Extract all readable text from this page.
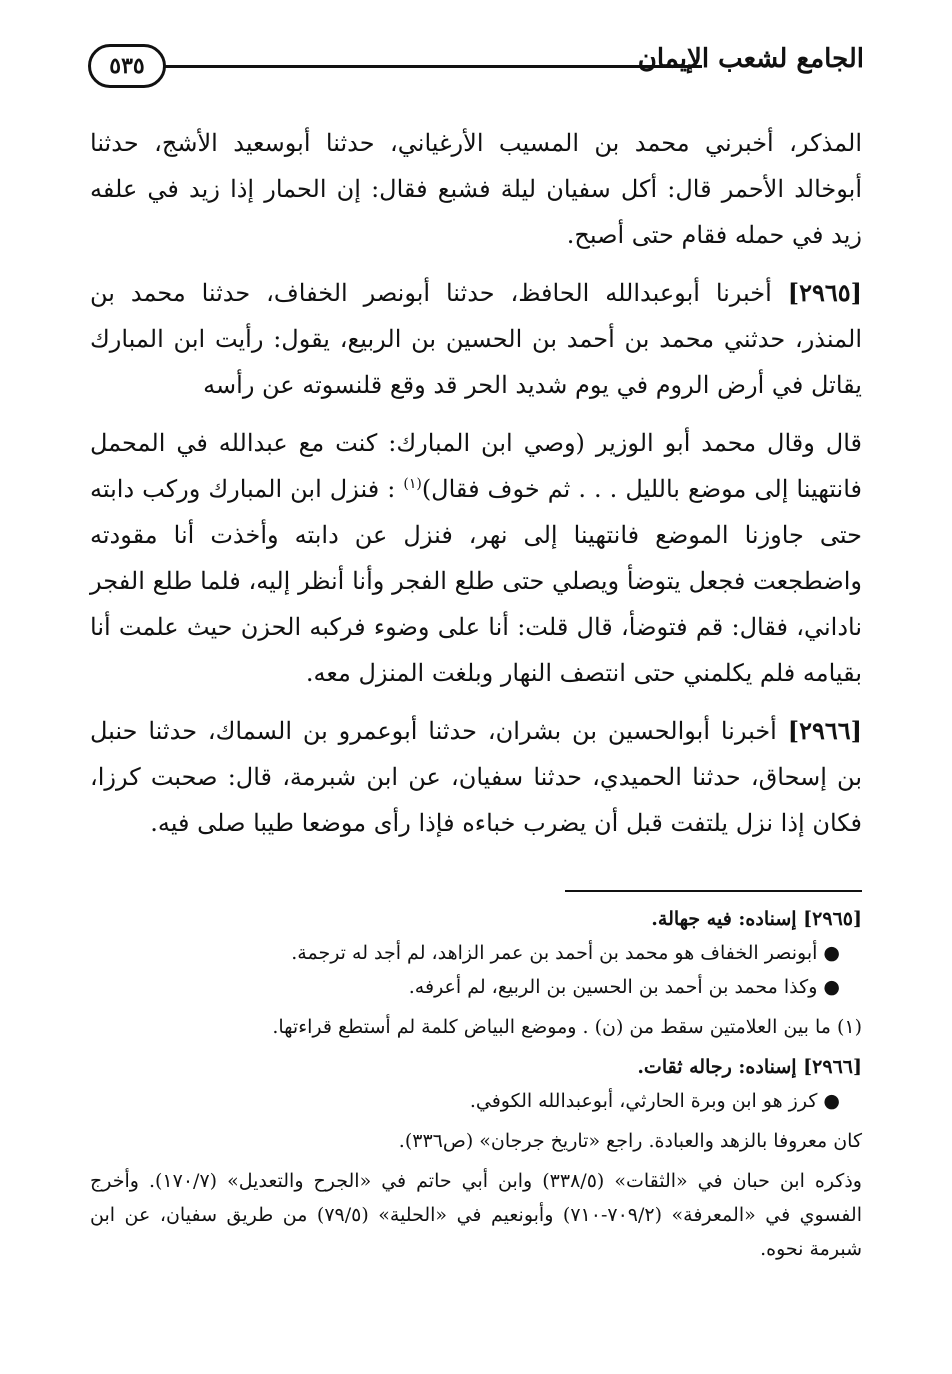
٥٣٥	الجامع لشعب الإيمان

المذكر، أخبرني محمد بن المسيب الأرغياني، حدثنا أبوسعيد الأشج، حدثنا أبوخالد الأحمر قال: أكل سفيان ليلة فشبع فقال: إن الحمار إذا زيد في علفه زيد في حمله فقام حتى أصبح.

[٢٩٦٥] أخبرنا أبوعبدالله الحافظ، حدثنا أبونصر الخفاف، حدثنا محمد بن المنذر، حدثني محمد بن أحمد بن الحسين بن الربيع، يقول: رأيت ابن المبارك يقاتل في أرض الروم في يوم شديد الحر قد وقع قلنسوته عن رأسه

قال وقال محمد أبو الوزير (وصي ابن المبارك: كنت مع عبدالله في المحمل فانتهينا إلى موضع بالليل . . . ثم خوف فقال)$^{(١)}$ : فنزل ابن المبارك وركب دابته حتى جاوزنا الموضع فانتهينا إلى نهر، فنزل عن دابته وأخذت أنا مقودته واضطجعت فجعل يتوضأ ويصلي حتى طلع الفجر وأنا أنظر إليه، فلما طلع الفجر ناداني، فقال: قم فتوضأ، قال قلت: أنا على وضوء فركبه الحزن حيث علمت أنا بقيامه فلم يكلمني حتى انتصف النهار وبلغت المنزل معه.

[٢٩٦٦] أخبرنا أبوالحسين بن بشران، حدثنا أبوعمرو بن السماك، حدثنا حنبل بن إسحاق، حدثنا الحميدي، حدثنا سفيان، عن ابن شبرمة، قال: صحبت كرزا، فكان إذا نزل يلتفت قبل أن يضرب خباءه فإذا رأى موضعا طيبا صلى فيه.

[٢٩٦٥] إسناده: فيه جهالة.

● أبونصر الخفاف هو محمد بن أحمد بن عمر الزاهد، لم أجد له ترجمة.

● وكذا محمد بن أحمد بن الحسين بن الربيع، لم أعرفه.

(١) ما بين العلامتين سقط من (ن) . وموضع البياض كلمة لم أستطع قراءتها.

[٢٩٦٦] إسناده: رجاله ثقات.

● كرز هو ابن وبرة الحارثي، أبوعبدالله الكوفي.

كان معروفا بالزهد والعبادة. راجع «تاريخ جرجان» (ص٣٣٦).

وذكره ابن حبان في «الثقات» (٣٣٨/٥) وابن أبي حاتم في «الجرح والتعديل» (١٧٠/٧). وأخرج الفسوي في «المعرفة» (٧٠٩/٢-٧١٠) وأبونعيم في «الحلية» (٧٩/٥) من طريق سفيان، عن ابن شبرمة نحوه.
